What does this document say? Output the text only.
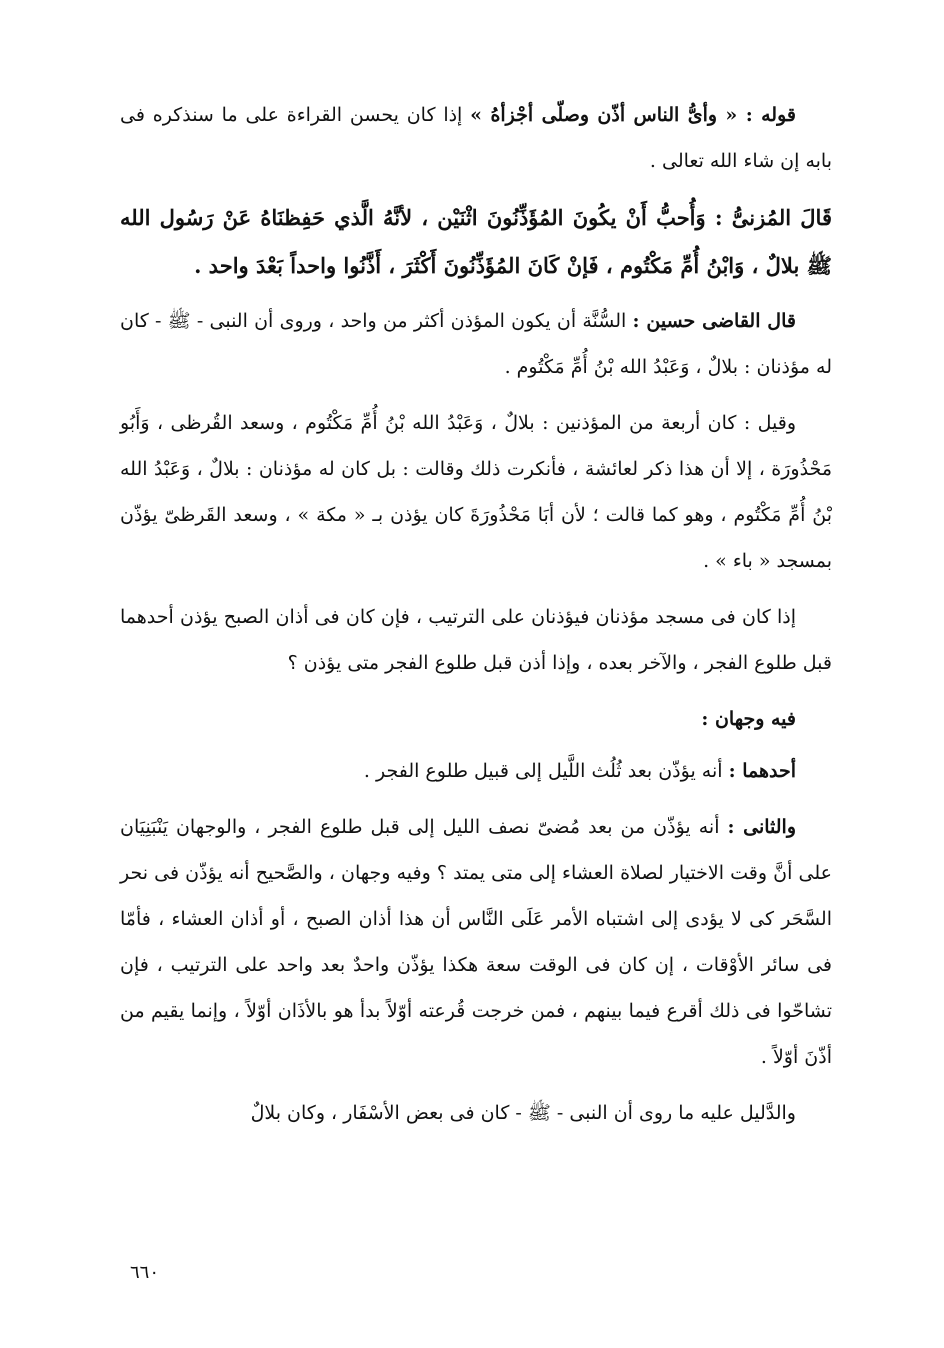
قوله : « وأىُّ الناس أذّن وصلّى أجْزأهُ » إذا كان يحسن القراءة على ما سنذكره فى بابه إن شاء الله تعالى .

قَالَ المُزنىُّ : وَأُحبُّ أَنْ يكُونَ المُؤَذِّنُونَ اثْنَيْن ، لأنَّهُ الَّذي حَفِظنَاهُ عَنْ رَسُول الله ﷺ بلالٌ ، وَابْنُ أُمِّ مَكْتُوم ، فَإنْ كَانَ المُؤَذِّنُونَ أَكْثَرَ ، أَذَّنُوا واحداً بَعْدَ واحد .

قال القاضى حسين : السُّنَّة أن يكون المؤذن أكثر من واحد ، وروى أن النبى - ﷺ - كان له مؤذنان : بلالٌ ، وَعَبْدُ الله بْنُ أُمِّ مَكْتُوم .

وقيل : كان أربعة من المؤذنين : بلالٌ ، وَعَبْدُ الله بْنُ أُمِّ مَكْتُوم ، وسعد القُرظى ، وَأَبُو مَحْذُورَة ، إلا أن هذا ذكر لعائشة ، فأنكرت ذلك وقالت : بل كان له مؤذنان : بلالٌ ، وَعَبْدُ الله بْنُ أُمِّ مَكْتُوم ، وهو كما قالت ؛ لأن أبَا مَحْذُورَةَ كان يؤذن بـ « مكة » ، وسعد القَرظىّ يؤذّن بمسجد « باء » .

إذا كان فى مسجد مؤذنان فيؤذنان على الترتيب ، فإن كان فى أذان الصبح يؤذن أحدهما قبل طلوع الفجر ، والآخر بعده ، وإذا أذن قبل طلوع الفجر متى يؤذن ؟

فيه وجهان :

أحدهما : أنه يؤذّن بعد ثُلُث اللَّيل إلى قبيل طلوع الفجر .

والثانى : أنه يؤذّن من بعد مُضىّ نصف الليل إلى قبل طلوع الفجر ، والوجهان يَنْبَنِيَان على أنَّ وقت الاختيار لصلاة العشاء إلى متى يمتد ؟ وفيه وجهان ، والصَّحيح أنه يؤذّن فى نحر السَّحَر كى لا يؤدى إلى اشتباه الأمر عَلَى النَّاس أن هذا أذان الصبح ، أو أذان العشاء ، فأمّا فى سائر الأوْقات ، إن كان فى الوقت سعة هكذا يؤذّن واحدٌ بعد واحد على الترتيب ، فإن تشاحّوا فى ذلك أقرع فيما بينهم ، فمن خرجت قُرعته أوّلاً بدأ هو بالأذَان أوّلاً ، وإنما يقيم من أذّنَ أوّلاً .

والدَّليل عليه ما روى أن النبى - ﷺ - كان فى بعض الأسْفَار ، وكان بلالٌ

٦٦٠
